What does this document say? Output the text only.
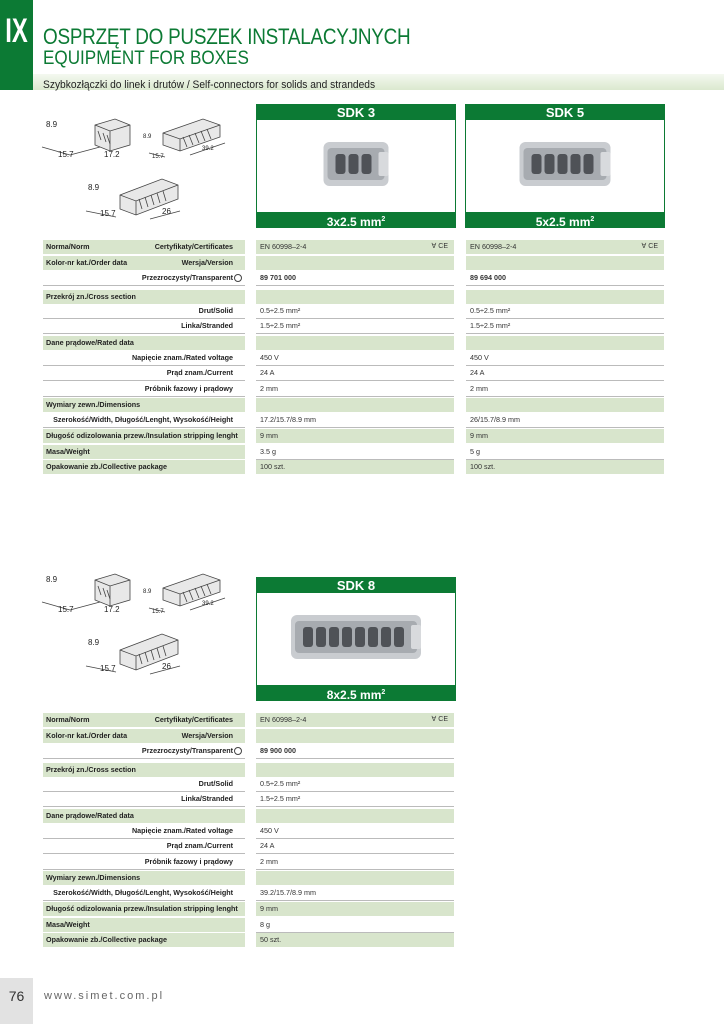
IX OSPRZĘT DO PUSZEK INSTALACYJNYCH
EQUIPMENT FOR BOXES
Szybkozłączki do linek i drutów / Self-connectors for solids and strandeds
8.9
15.7	17.2
8.9
15.7
39.2
8.9
15.7	26
8.9
15.7	17.2
8.9
15.7
39.2
8.9
15.7	26
SDK 3
3x2.5 $mm^2$
SDK 5
5x2.5 $mm^2$
SDK 8
8x2.5 $mm^2$
Norma/Norm	Certyfikaty/Certificates	EN 60998–2-4	∀ CE	EN 60998–2-4	∀ CE
Kolor-nr kat./Order data	Wersja/Version
Przezroczysty/Transparent	89 701 000	89 694 000
Przekrój zn./Cross section
Drut/Solid	0.5÷2.5 mm²	0.5÷2.5 mm²
Linka/Stranded	1.5÷2.5 mm²	1.5÷2.5 mm²
Dane prądowe/Rated data
Napięcie znam./Rated voltage	450 V	450 V
Prąd znam./Current	24 A	24 A
Próbnik fazowy i prądowy	2 mm	2 mm
Wymiary zewn./Dimensions
Szerokość/Width, Długość/Lenght, Wysokość/Height	17.2/15.7/8.9 mm	26/15.7/8.9 mm
Długość odizolowania przew./Insulation stripping lenght	9 mm	9 mm
Masa/Weight	3.5 g	5 g
Opakowanie zb./Collective package	100 szt.	100 szt.
Norma/Norm	Certyfikaty/Certificates	EN 60998–2-4	∀ CE
Kolor-nr kat./Order data	Wersja/Version
Przezroczysty/Transparent	89 900 000
Przekrój zn./Cross section
Drut/Solid	0.5÷2.5 mm²
Linka/Stranded	1.5÷2.5 mm²
Dane prądowe/Rated data
Napięcie znam./Rated voltage	450 V
Prąd znam./Current	24 A
Próbnik fazowy i prądowy	2 mm
Wymiary zewn./Dimensions
Szerokość/Width, Długość/Lenght, Wysokość/Height	39.2/15.7/8.9 mm
Długość odizolowania przew./Insulation stripping lenght	9 mm
Masa/Weight	8 g
Opakowanie zb./Collective package	50 szt.
76	www.simet.com.pl
